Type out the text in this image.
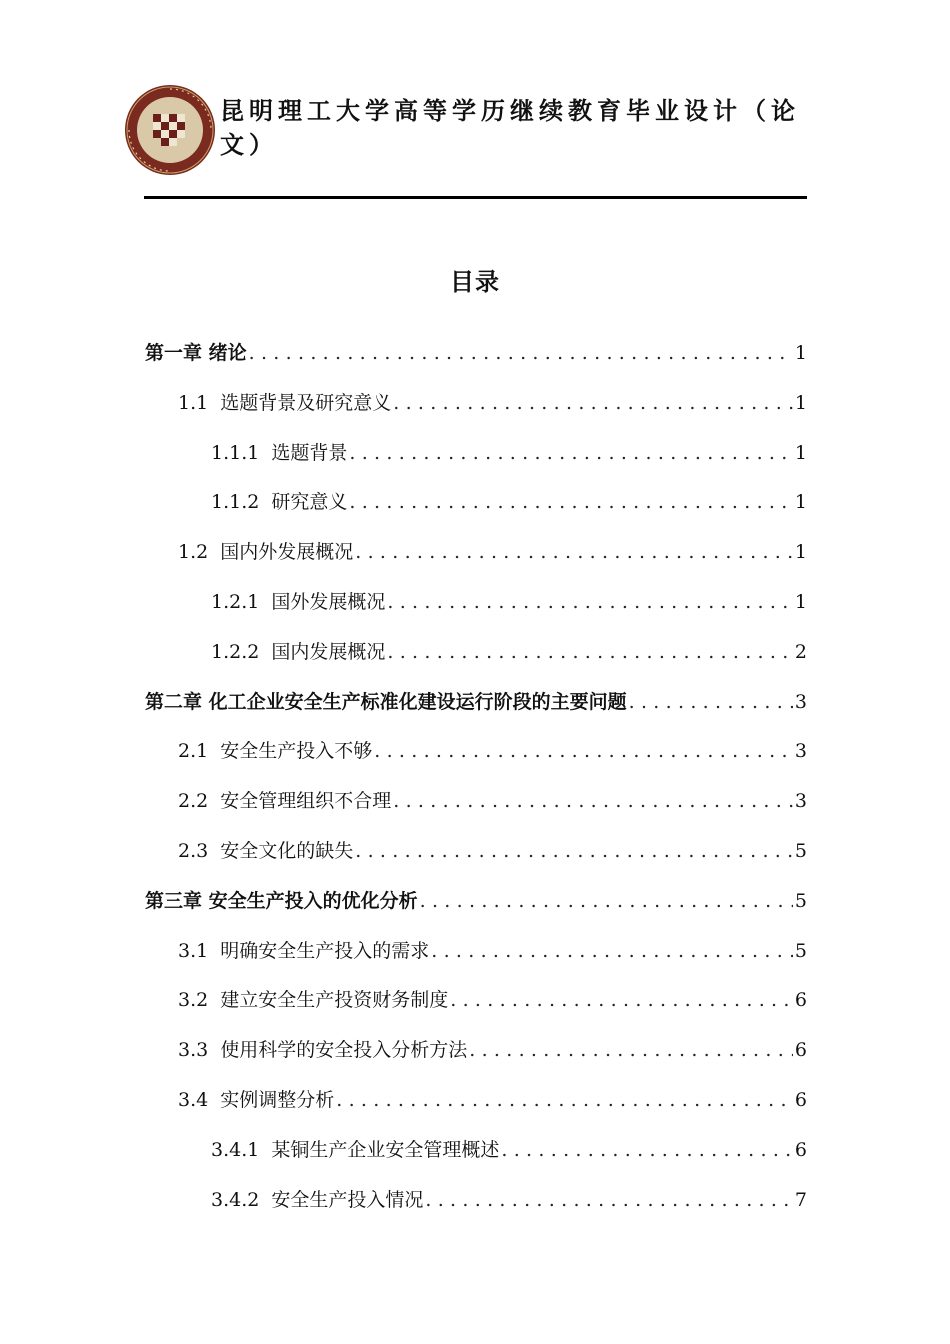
昆明理工大学高等学历继续教育毕业设计（论文）
目录
第一章 绪论 .....	1
1.1 选题背景及研究意义 .....	1
1.1.1 选题背景 .....	1
1.1.2 研究意义 .....	1
1.2 国内外发展概况 .....	1
1.2.1 国外发展概况 .....	1
1.2.2 国内发展概况 .....	2
第二章 化工企业安全生产标准化建设运行阶段的主要问题 .....	3
2.1 安全生产投入不够 .....	3
2.2 安全管理组织不合理 .....	3
2.3 安全文化的缺失 .....	5
第三章 安全生产投入的优化分析 .....	5
3.1 明确安全生产投入的需求 .....	5
3.2 建立安全生产投资财务制度 .....	6
3.3 使用科学的安全投入分析方法 .....	6
3.4 实例调整分析 .....	6
3.4.1 某铜生产企业安全管理概述 .....	6
3.4.2 安全生产投入情况 .....	7
